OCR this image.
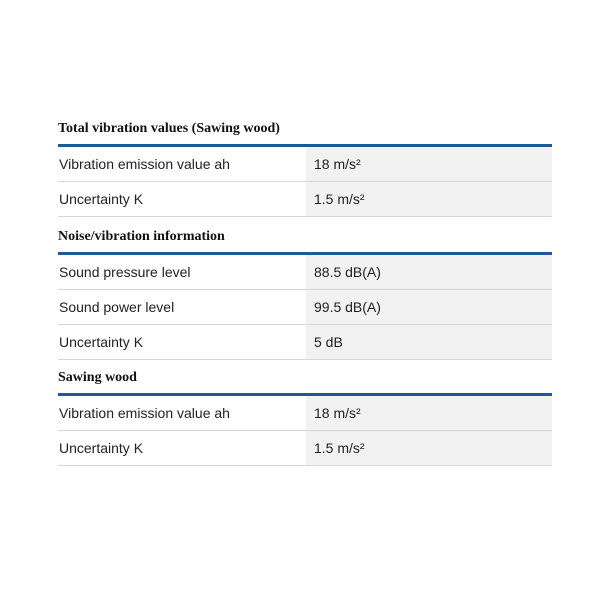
Total vibration values (Sawing wood)
Vibration emission value ah	18 m/s²
Uncertainty K	1.5 m/s²
Noise/vibration information
Sound pressure level	88.5 dB(A)
Sound power level	99.5 dB(A)
Uncertainty K	5 dB
Sawing wood
Vibration emission value ah	18 m/s²
Uncertainty K	1.5 m/s²
